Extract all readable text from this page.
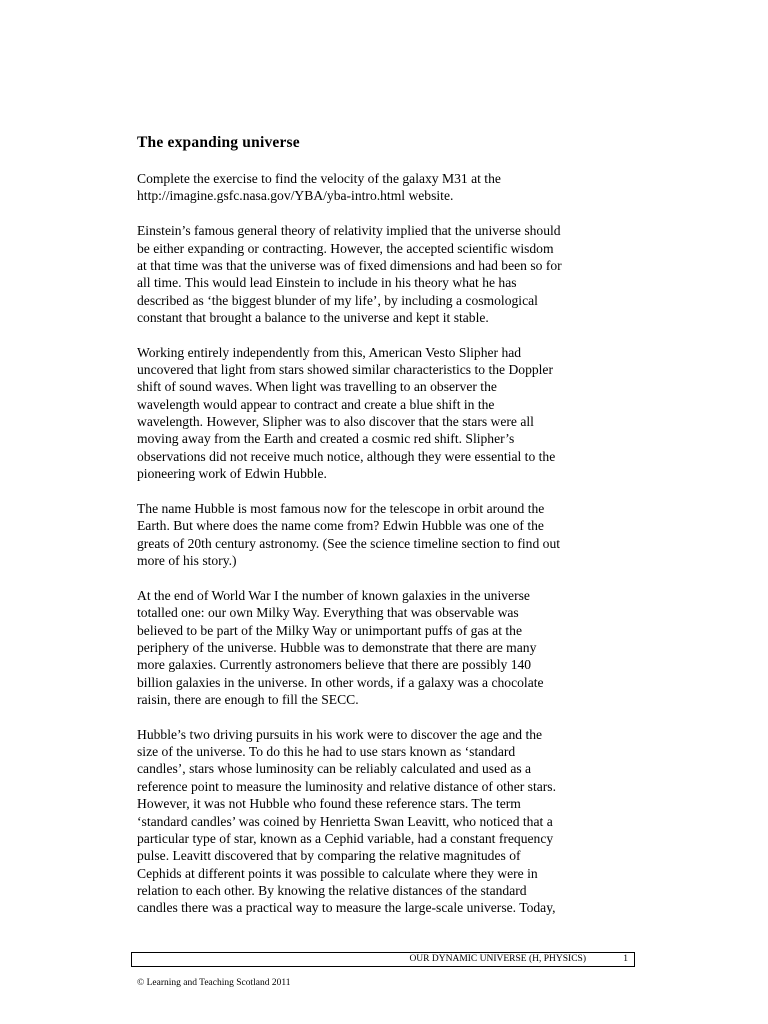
The expanding universe

Complete the exercise to find the velocity of the galaxy M31 at the
http://imagine.gsfc.nasa.gov/YBA/yba-intro.html website.

Einstein’s famous general theory of relativity implied that the universe should
be either expanding or contracting. However, the accepted scientific wisdom
at that time was that the universe was of fixed dimensions and had been so for
all time. This would lead Einstein to include in his theory what he has
described as ‘the biggest blunder of my life’, by including a cosmological
constant that brought a balance to the universe and kept it stable.

Working entirely independently from this, American Vesto Slipher had
uncovered that light from stars showed similar characteristics to the Doppler
shift of sound waves. When light was travelling to an observer the
wavelength would appear to contract and create a blue shift in the
wavelength. However, Slipher was to also discover that the stars were all
moving away from the Earth and created a cosmic red shift. Slipher’s
observations did not receive much notice, although they were essential to the
pioneering work of Edwin Hubble.

The name Hubble is most famous now for the telescope in orbit around the
Earth. But where does the name come from? Edwin Hubble was one of the
greats of 20th century astronomy. (See the science timeline section to find out
more of his story.)

At the end of World War I the number of known galaxies in the universe
totalled one: our own Milky Way. Everything that was observable was
believed to be part of the Milky Way or unimportant puffs of gas at the
periphery of the universe. Hubble was to demonstrate that there are many
more galaxies. Currently astronomers believe that there are possibly 140
billion galaxies in the universe. In other words, if a galaxy was a chocolate
raisin, there are enough to fill the SECC.

Hubble’s two driving pursuits in his work were to discover the age and the
size of the universe. To do this he had to use stars known as ‘standard
candles’, stars whose luminosity can be reliably calculated and used as a
reference point to measure the luminosity and relative distance of other stars.
However, it was not Hubble who found these reference stars. The term
‘standard candles’ was coined by Henrietta Swan Leavitt, who noticed that a
particular type of star, known as a Cephid variable, had a constant frequency
pulse. Leavitt discovered that by comparing the relative magnitudes of
Cephids at different points it was possible to calculate where they were in
relation to each other. By knowing the relative distances of the standard
candles there was a practical way to measure the large-scale universe. Today,

OUR DYNAMIC UNIVERSE (H, PHYSICS)	1
© Learning and Teaching Scotland 2011
